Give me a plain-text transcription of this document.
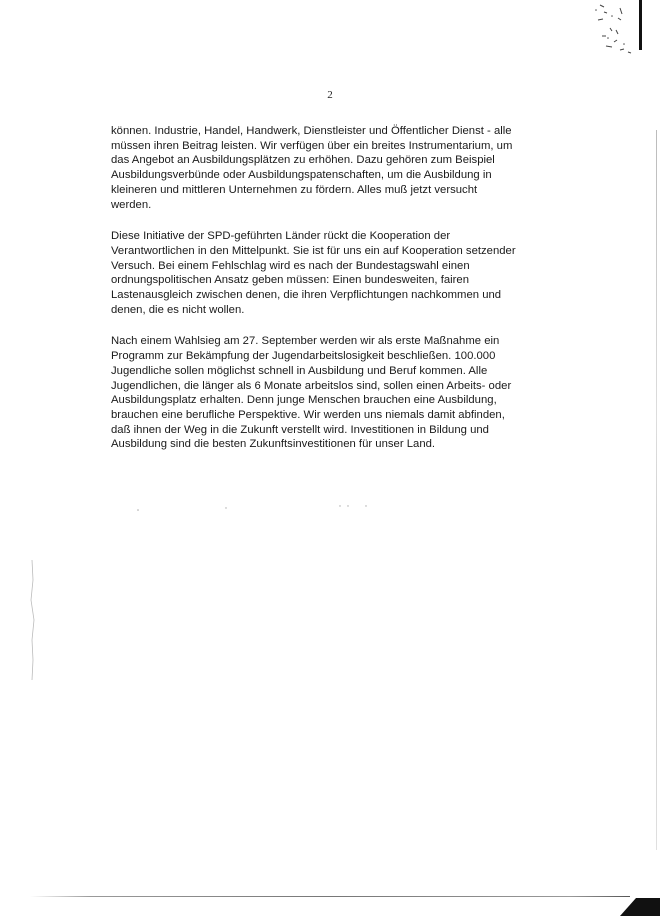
2

können. Industrie, Handel, Handwerk, Dienstleister und Öffentlicher Dienst - alle
müssen ihren Beitrag leisten. Wir verfügen über ein breites Instrumentarium, um
das Angebot an Ausbildungsplätzen zu erhöhen. Dazu gehören zum Beispiel
Ausbildungsverbünde oder Ausbildungspatenschaften, um die Ausbildung in
kleineren und mittleren Unternehmen zu fördern. Alles muß jetzt versucht
werden.

Diese Initiative der SPD-geführten Länder rückt die Kooperation der
Verantwortlichen in den Mittelpunkt. Sie ist für uns ein auf Kooperation setzender
Versuch. Bei einem Fehlschlag wird es nach der Bundestagswahl einen
ordnungspolitischen Ansatz geben müssen: Einen bundesweiten, fairen
Lastenausgleich zwischen denen, die ihren Verpflichtungen nachkommen und
denen, die es nicht wollen.

Nach einem Wahlsieg am 27. September werden wir als erste Maßnahme ein
Programm zur Bekämpfung der Jugendarbeitslosigkeit beschließen. 100.000
Jugendliche sollen möglichst schnell in Ausbildung und Beruf kommen. Alle
Jugendlichen, die länger als 6 Monate arbeitslos sind, sollen einen Arbeits- oder
Ausbildungsplatz erhalten. Denn junge Menschen brauchen eine Ausbildung,
brauchen eine berufliche Perspektive. Wir werden uns niemals damit abfinden,
daß ihnen der Weg in die Zukunft verstellt wird. Investitionen in Bildung und
Ausbildung sind die besten Zukunftsinvestitionen für unser Land.
